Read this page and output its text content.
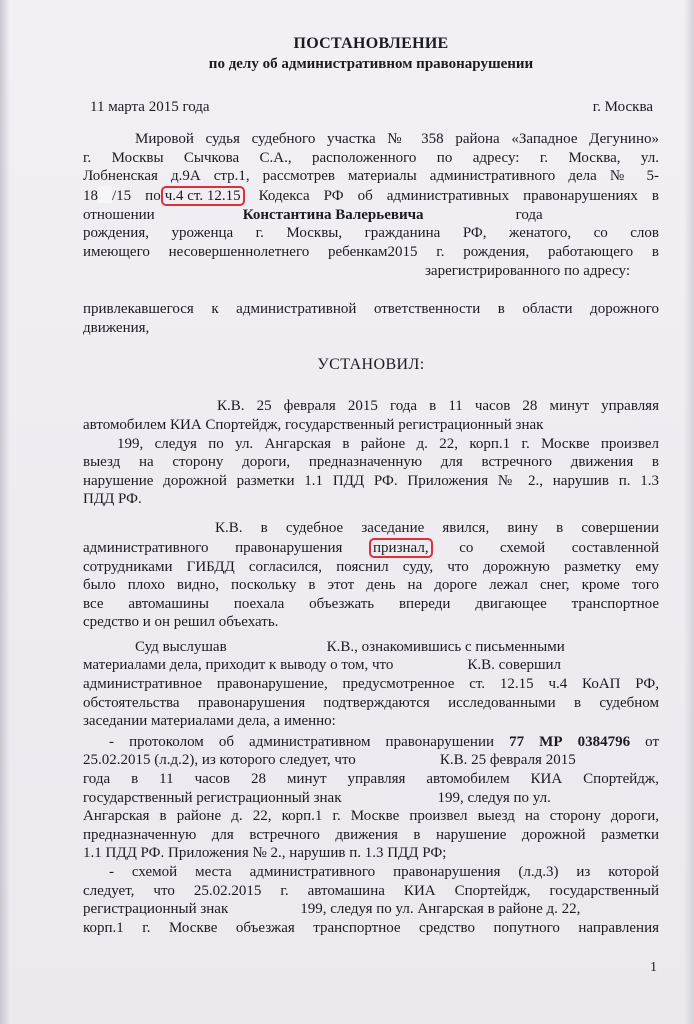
ПОСТАНОВЛЕНИЕ

по делу об административном правонарушении

11 марта 2015 года	г. Москва

Мировой судья судебного участка № 358 района «Западное Дегунино»

г. Москвы Сычкова С.А., расположенного по адресу: г. Москва, ул.

Лобненская д.9А стр.1, рассмотрев материалы административного дела № 5-

18 /15 по ч.4 ст. 12.15 Кодекса РФ об административных правонарушениях в

отношении	Константина Валерьевича	года

рождения, уроженца г. Москвы, гражданина РФ, женатого, со слов

имеющего несовершеннолетнего ребенкам2015 г. рождения, работающего в

зарегистрированного по адресу:

привлекавшегося к административной ответственности в области дорожного

движения,

УСТАНОВИЛ:

К.В. 25 февраля 2015 года в 11 часов 28 минут управляя

автомобилем КИА Спортейдж, государственный регистрационный знак

199, следуя по ул. Ангарская в районе д. 22, корп.1 г. Москве произвел

выезд на сторону дороги, предназначенную для встречного движения в

нарушение дорожной разметки 1.1 ПДД РФ. Приложения № 2., нарушив п. 1.3

ПДД РФ.

К.В. в судебное заседание явился, вину в совершении

административного правонарушения признал, со схемой составленной

сотрудниками ГИБДД согласился, пояснил суду, что дорожную разметку ему

было плохо видно, поскольку в этот день на дороге лежал снег, кроме того

все автомашины поехала объезжать впереди двигающее транспортное

средство и он решил объехать.

Суд выслушав	К.В., ознакомившись с письменными

материалами дела, приходит к выводу о том, что	К.В. совершил

административное правонарушение, предусмотренное ст. 12.15 ч.4 КоАП РФ,

обстоятельства правонарушения подтверждаются исследованными в судебном

заседании материалами дела, а именно:

- протоколом об административном правонарушении 77 МР 0384796 от

25.02.2015 (л.д.2), из которого следует, что	К.В. 25 февраля 2015

года в 11 часов 28 минут управляя автомобилем КИА Спортейдж,

государственный регистрационный знак	199, следуя по ул.

Ангарская в районе д. 22, корп.1 г. Москве произвел выезд на сторону дороги,

предназначенную для встречного движения в нарушение дорожной разметки

1.1 ПДД РФ. Приложения № 2., нарушив п. 1.3 ПДД РФ;

- схемой места административного правонарушения (л.д.3) из которой

следует, что 25.02.2015 г. автомашина КИА Спортейдж, государственный

регистрационный знак	199, следуя по ул. Ангарская в районе д. 22,

корп.1 г. Москве объезжая транспортное средство попутного направления

1
